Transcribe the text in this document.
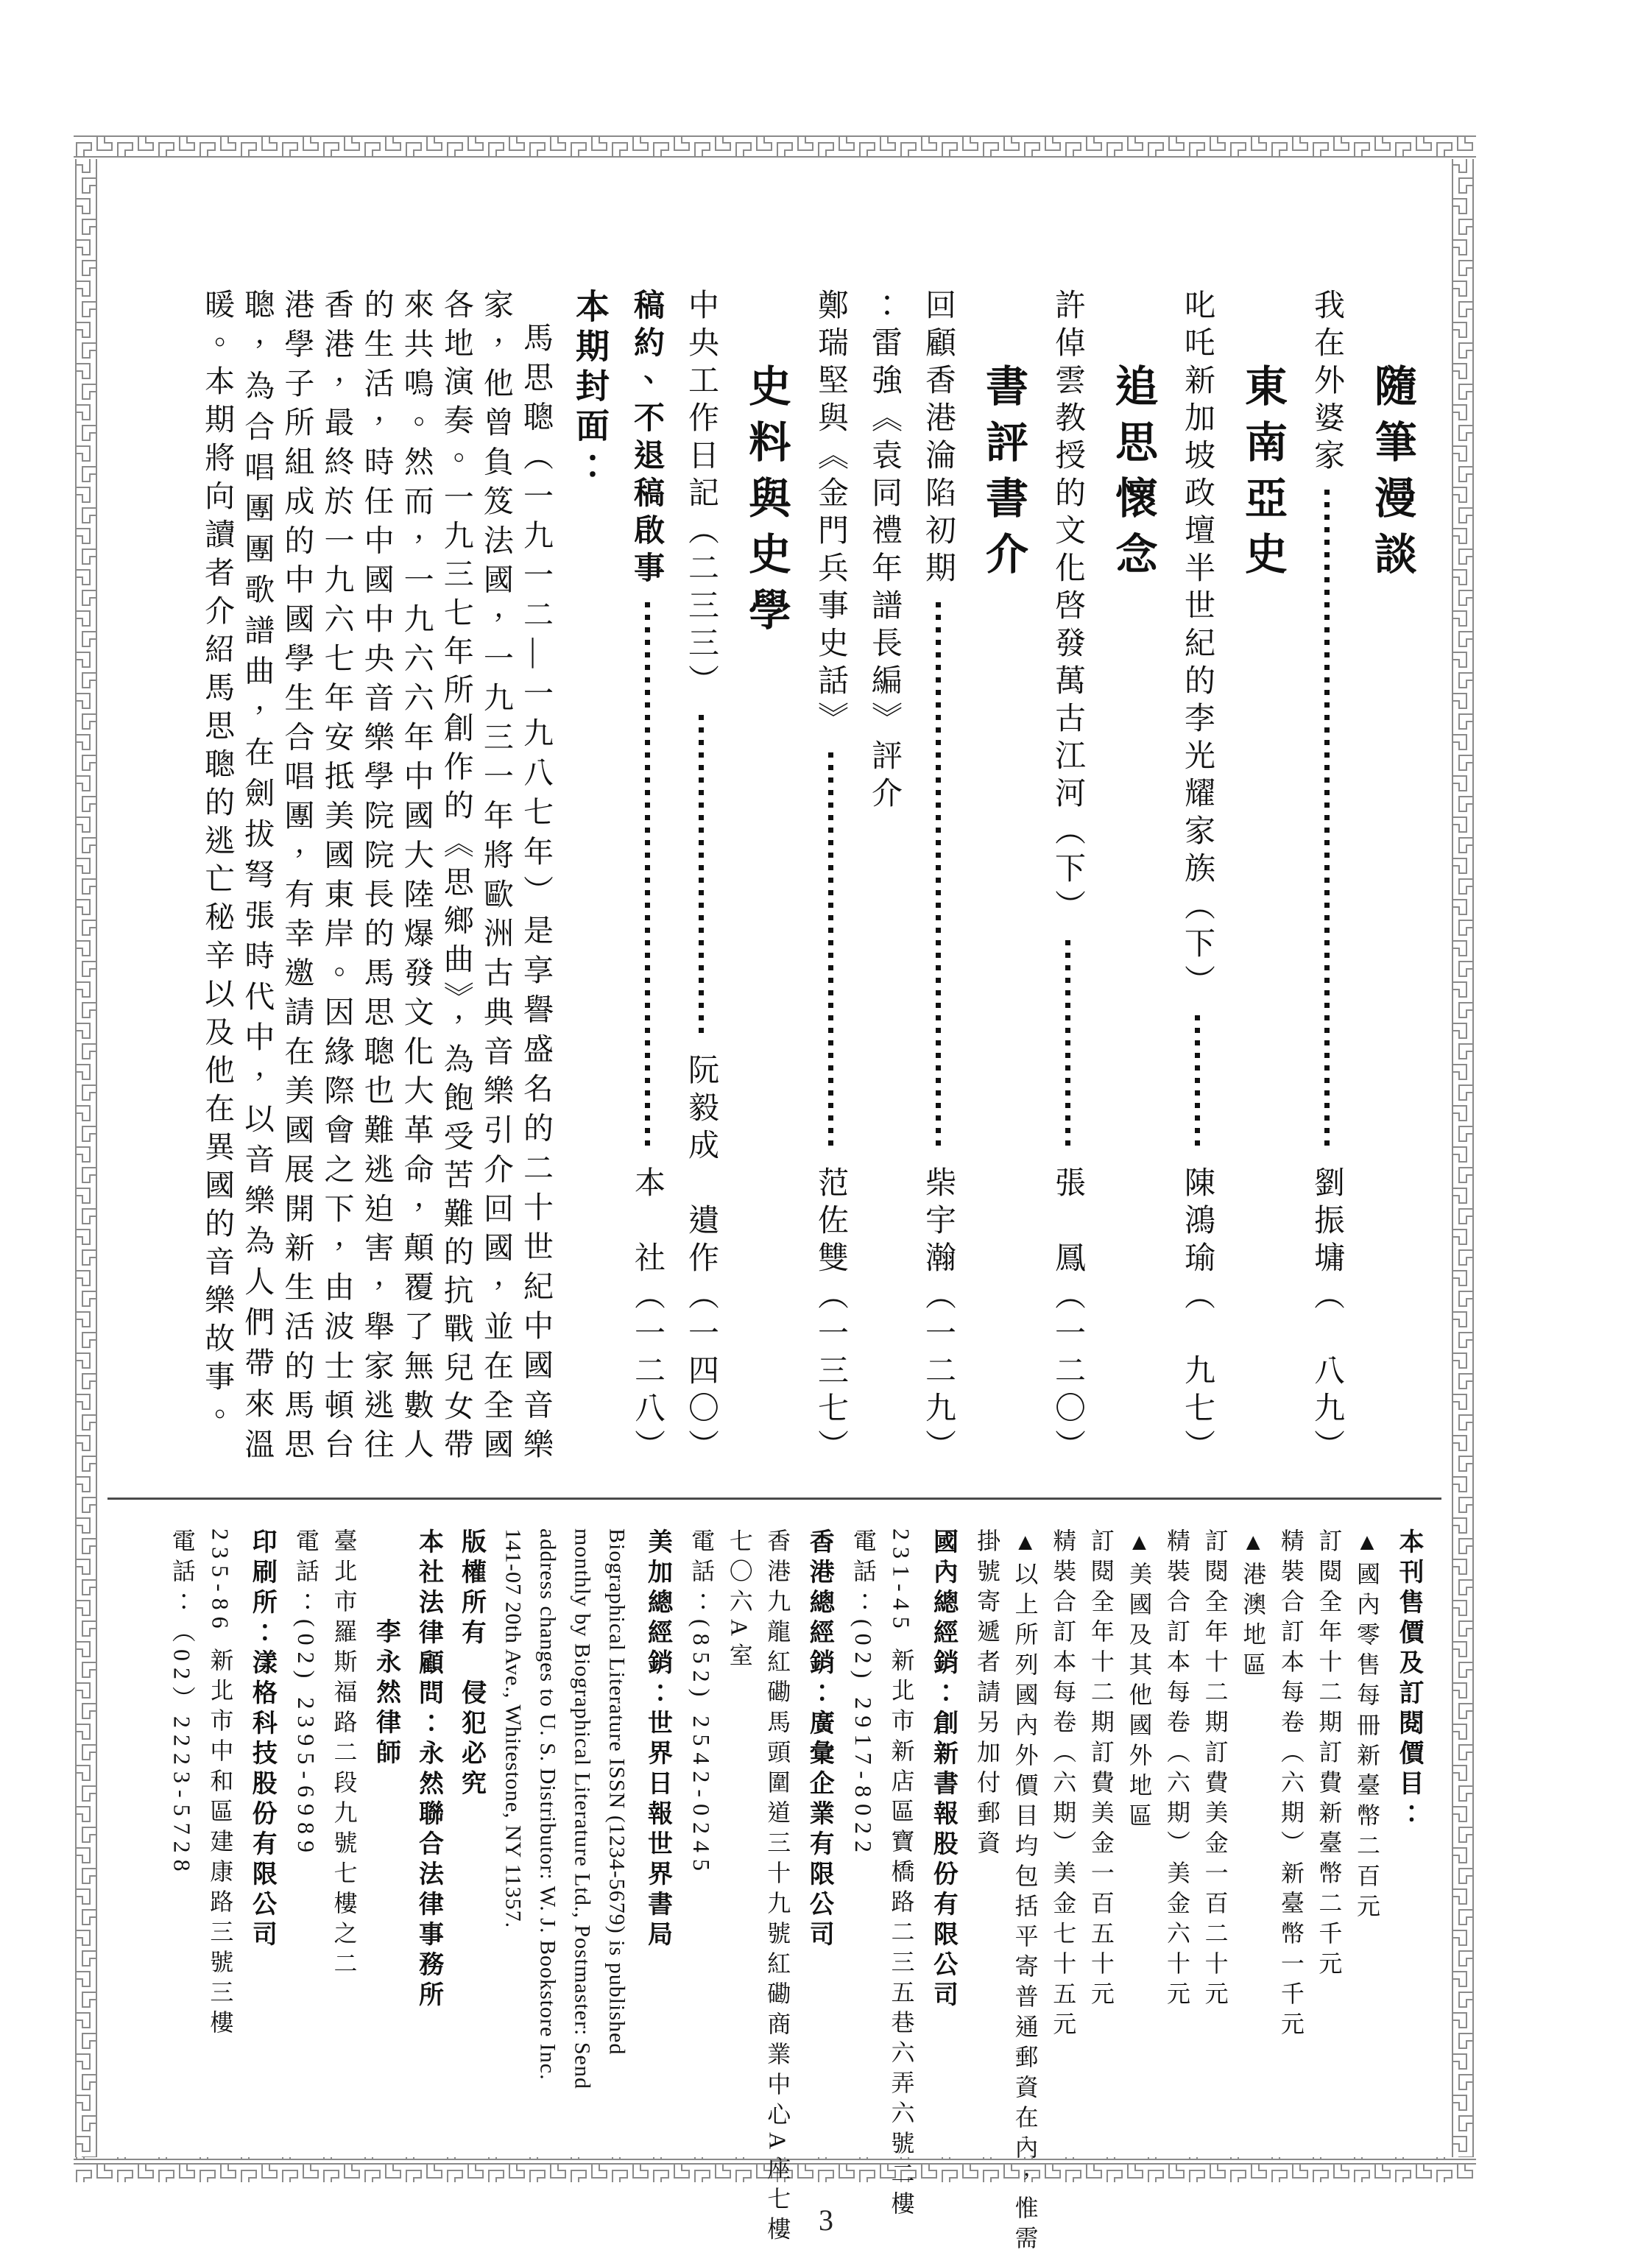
隨筆漫談
我在外婆家
劉振墉（　八九）
東南亞史
叱吒新加坡政壇半世紀的李光耀家族（下）
陳鴻瑜（　九七）
追思懷念
許倬雲教授的文化啓發萬古江河（下）
張　鳳（一二〇）
書評書介
回顧香港淪陷初期
柴宇瀚（一二九）
：雷強《袁同禮年譜長編》評介
鄭瑞堅與《金門兵事史話》
范佐雙（一三七）
史料與史學
中央工作日記（二三三）
阮毅成　遺作（一四〇）
稿約、不退稿啟事
本　社（一二八）
本期封面：
馬思聰（一九一二—一九八七年）是享譽盛名的二十世紀中國音樂家，他曾負笈法國，一九三一年將歐洲古典音樂引介回國，並在全國各地演奏。一九三七年所創作的《思鄉曲》，為飽受苦難的抗戰兒女帶來共鳴。然而，一九六六年中國大陸爆發文化大革命，顛覆了無數人的生活，時任中國中央音樂學院院長的馬思聰也難逃迫害，舉家逃往香港，最終於一九六七年安抵美國東岸。因緣際會之下，由波士頓台港學子所組成的中國學生合唱團，有幸邀請在美國展開新生活的馬思聰，為合唱團團歌譜曲，在劍拔弩張時代中，以音樂為人們帶來溫暖。本期將向讀者介紹馬思聰的逃亡秘辛以及他在異國的音樂故事。
本刊售價及訂閱價目：
▲國內零售每冊新臺幣二百元
訂閱全年十二期訂費新臺幣二千元
精裝合訂本每卷（六期）新臺幣一千元
▲港澳地區
訂閱全年十二期訂費美金一百二十元
精裝合訂本每卷（六期）美金六十元
▲美國及其他國外地區
訂閱全年十二期訂費美金一百五十元
精裝合訂本每卷（六期）美金七十五元
▲以上所列國內外價目均包括平寄普通郵資在內，惟需
掛號寄遞者請另加付郵資
國內總經銷：創新書報股份有限公司
231-45 新北市新店區寶橋路二三五巷六弄六號二樓
電話：(02) 2917-8022
香港總經銷：廣彙企業有限公司
香港九龍紅磡馬頭圍道三十九號紅磡商業中心A座七樓
七〇六A室
電話：(852) 2542-0245
美加總經銷：世界日報世界書局
Biographical Literature ISSN (1234-5679) is published
monthly by Biographical Literature Ltd., Postmaster: Send
address changes to U. S. Distributor: W. J. Bookstore Inc.
141-07 20th Ave., Whitestone, NY 11357.
版權所有　侵犯必究
本社法律顧問：永然聯合法律事務所
李永然律師
臺北市羅斯福路二段九號七樓之二
電話：(02) 2395-6989
印刷所：漾格科技股份有限公司
235-86 新北市中和區建康路三號三樓
電話：（02）2223-5728
3
